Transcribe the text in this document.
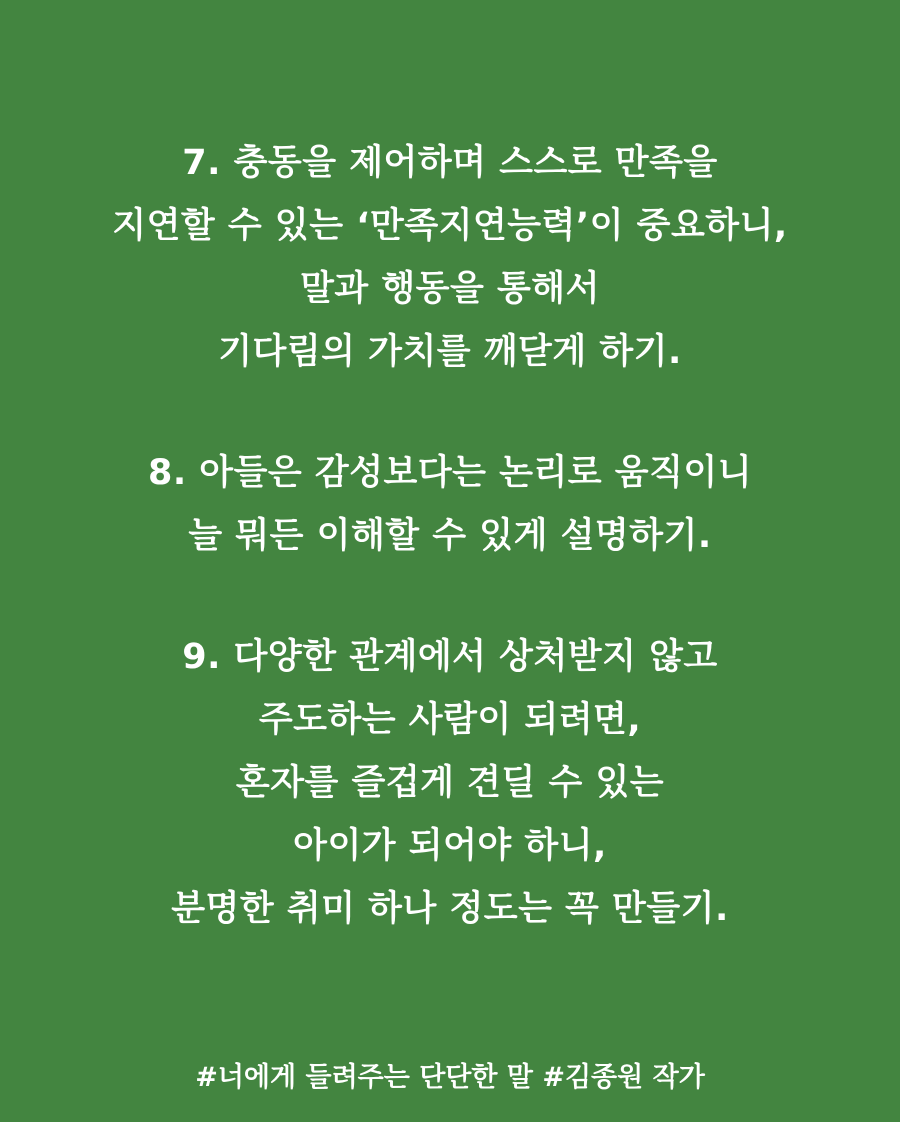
7. 충동을 제어하며 스스로 만족을
지연할 수 있는 ‘만족지연능력’이 중요하니,
말과 행동을 통해서
기다림의 가치를 깨닫게 하기.

8. 아들은 감성보다는 논리로 움직이니
늘 뭐든 이해할 수 있게 설명하기.

9. 다양한 관계에서 상처받지 않고
주도하는 사람이 되려면,
혼자를 즐겁게 견딜 수 있는
아이가 되어야 하니,
분명한 취미 하나 정도는 꼭 만들기.

#너에게 들려주는 단단한 말 #김종원 작가
